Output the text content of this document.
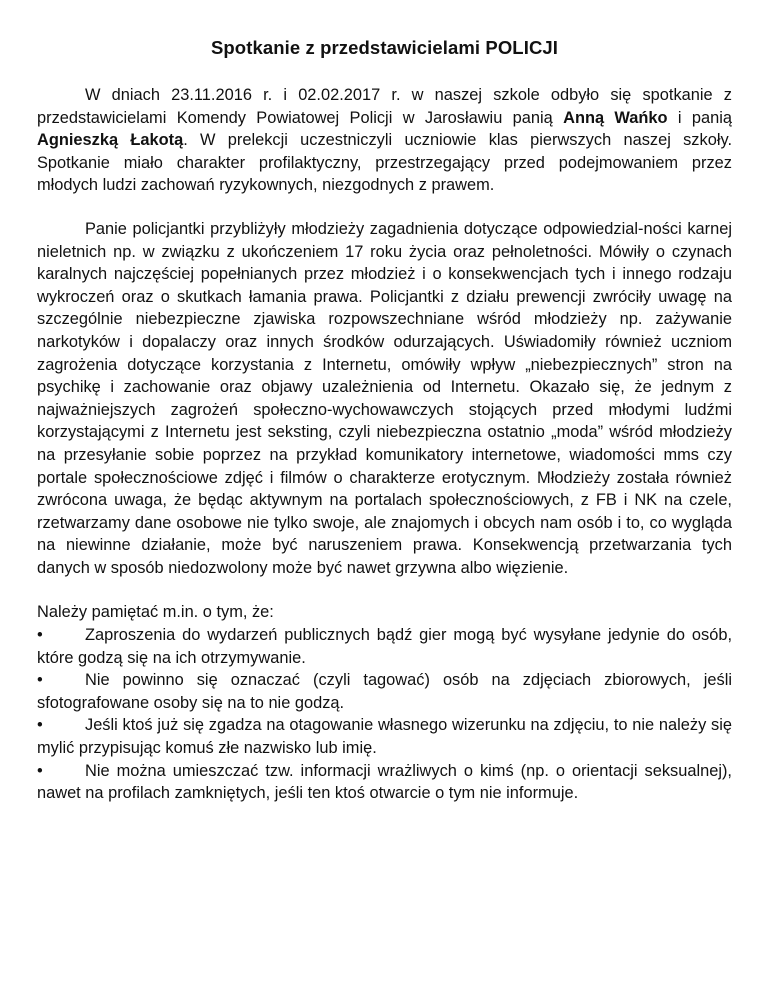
Spotkanie z przedstawicielami POLICJI

W dniach 23.11.2016 r. i 02.02.2017 r. w naszej szkole odbyło się spotkanie z przedstawicielami Komendy Powiatowej Policji w Jarosławiu panią Anną Wańko i panią Agnieszką Łakotą. W prelekcji uczestniczyli uczniowie klas pierwszych naszej szkoły. Spotkanie miało charakter profilaktyczny, przestrzegający przed podejmowaniem przez młodych ludzi zachowań ryzykownych, niezgodnych z prawem.

Panie policjantki przybliżyły młodzieży zagadnienia dotyczące odpowiedzial-ności karnej nieletnich np. w związku z ukończeniem 17 roku życia oraz pełnoletności. Mówiły o czynach karalnych najczęściej popełnianych przez młodzież i o konsekwencjach tych i innego rodzaju wykroczeń oraz o skutkach łamania prawa. Policjantki z działu prewencji zwróciły uwagę na szczególnie niebezpieczne zjawiska rozpowszechniane wśród młodzieży np. zażywanie narkotyków i dopalaczy oraz innych środków odurzających. Uświadomiły również uczniom zagrożenia dotyczące korzystania z Internetu, omówiły wpływ „niebezpiecznych” stron na psychikę i zachowanie oraz objawy uzależnienia od Internetu. Okazało się, że jednym z najważniejszych zagrożeń społeczno-wychowawczych stojących przed młodymi ludźmi korzystającymi z Internetu jest seksting, czyli niebezpieczna ostatnio „moda” wśród młodzieży na przesyłanie sobie poprzez na przykład komunikatory internetowe, wiadomości mms czy portale społecznościowe zdjęć i filmów o charakterze erotycznym. Młodzieży została również zwrócona uwaga, że będąc aktywnym na portalach społecznościowych, z FB i NK na czele, rzetwarzamy dane osobowe nie tylko swoje, ale znajomych i obcych nam osób i to, co wygląda na niewinne działanie, może być naruszeniem prawa. Konsekwencją przetwarzania tych danych w sposób niedozwolony może być nawet grzywna albo więzienie.

Należy pamiętać m.in. o tym, że:

•	Zaproszenia do wydarzeń publicznych bądź gier mogą być wysyłane jedynie do osób, które godzą się na ich otrzymywanie.

•	Nie powinno się oznaczać (czyli tagować) osób na zdjęciach zbiorowych, jeśli sfotografowane osoby się na to nie godzą.

•	Jeśli ktoś już się zgadza na otagowanie własnego wizerunku na zdjęciu, to nie należy się mylić przypisując komuś złe nazwisko lub imię.

•	Nie można umieszczać tzw. informacji wrażliwych o kimś (np. o orientacji seksualnej), nawet na profilach zamkniętych, jeśli ten ktoś otwarcie o tym nie informuje.
